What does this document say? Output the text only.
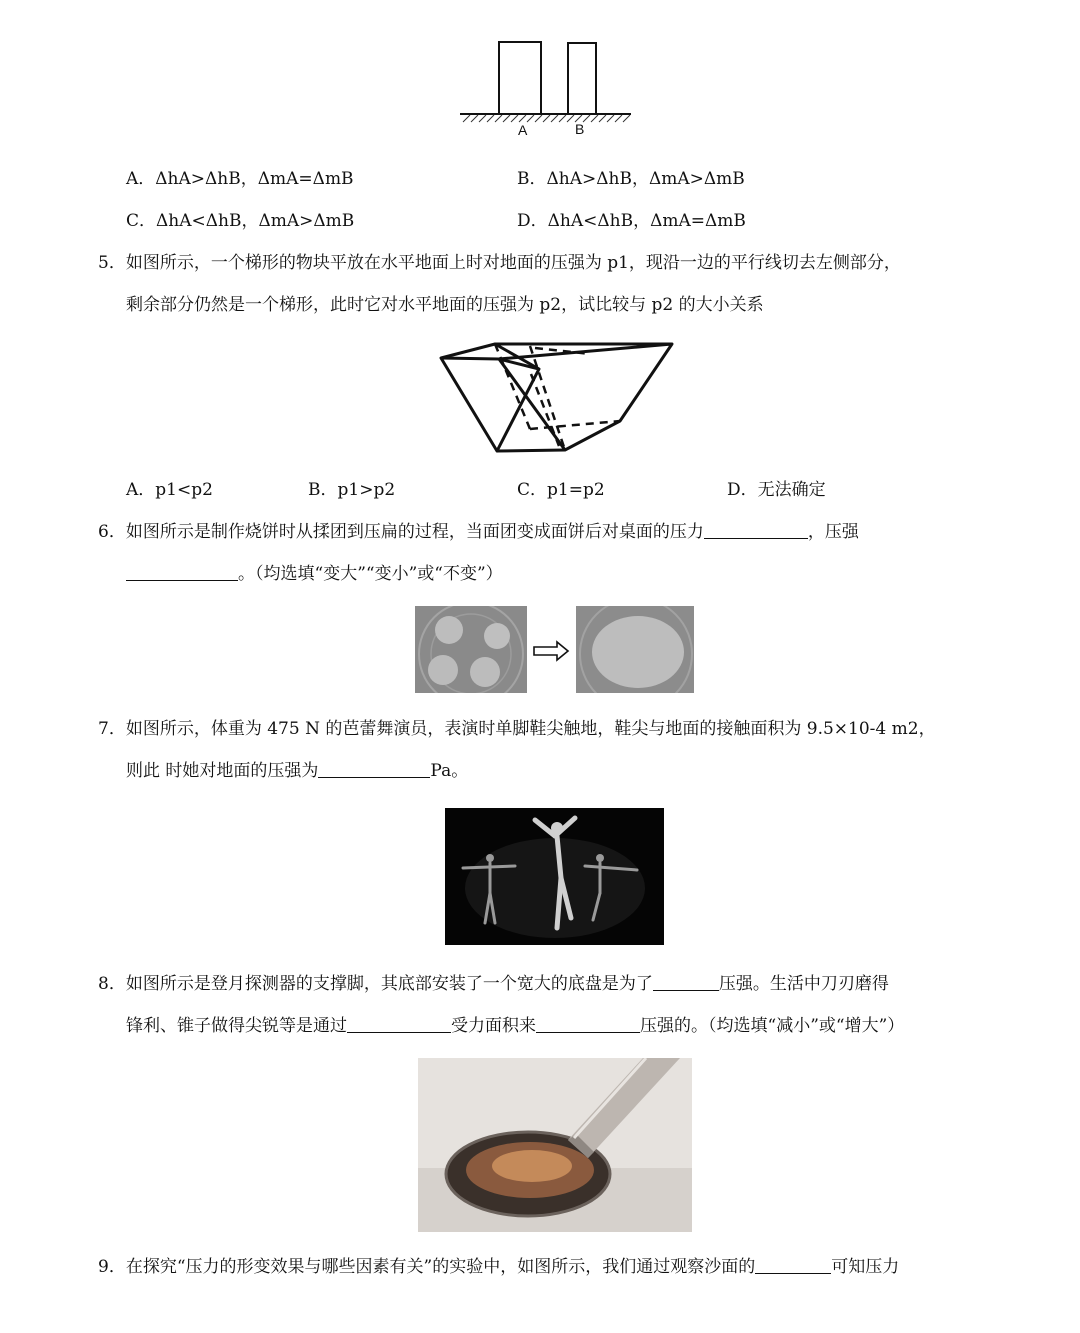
A	B
A．ΔhA>ΔhB，ΔmA=ΔmB	B．ΔhA>ΔhB，ΔmA>ΔmB
C．ΔhA<ΔhB，ΔmA>ΔmB	D．ΔhA<ΔhB，ΔmA=ΔmB
5．如图所示，一个梯形的物块平放在水平地面上时对地面的压强为 p1，现沿一边的平行线切去左侧部分，
剩余部分仍然是一个梯形，此时它对水平地面的压强为 p2，试比较与 p2 的大小关系
A．p1<p2	B．p1>p2	C．p1=p2	D．无法确定
6．如图所示是制作烧饼时从揉团到压扁的过程，当面团变成面饼后对桌面的压力	，压强
。（均选填“变大”“变小”或“不变”）
7．如图所示，体重为 475 N 的芭蕾舞演员，表演时单脚鞋尖触地，鞋尖与地面的接触面积为 9.5×10-4 m2，
则此 时她对地面的压强为	Pa。
8．如图所示是登月探测器的支撑脚，其底部安装了一个宽大的底盘是为了	压强。生活中刀刃磨得
锋利、锥子做得尖锐等是通过	受力面积来	压强的。（均选填“减小”或“增大”）
9．在探究“压力的形变效果与哪些因素有关”的实验中，如图所示，我们通过观察沙面的	可知压力
